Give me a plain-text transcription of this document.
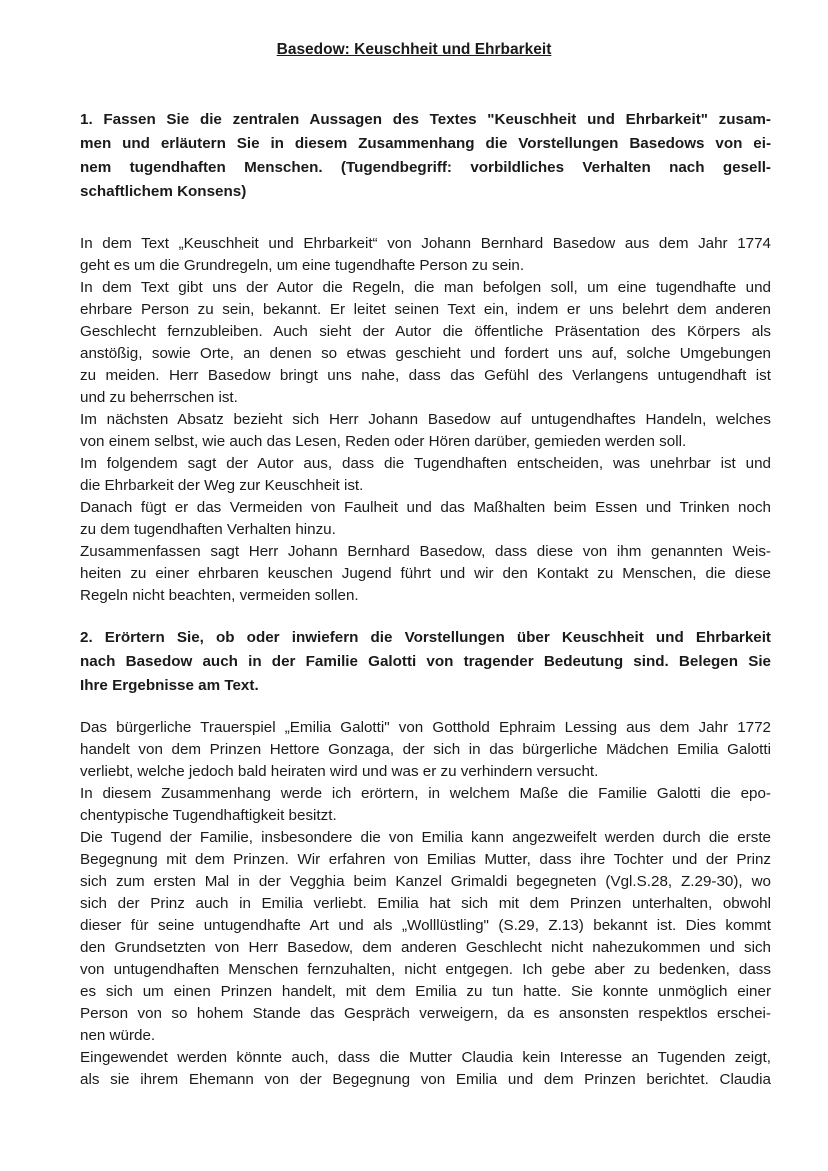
Basedow: Keuschheit und Ehrbarkeit

1. Fassen Sie die zentralen Aussagen des Textes "Keuschheit und Ehrbarkeit" zusam-

men und erläutern Sie in diesem Zusammenhang die Vorstellungen Basedows von ei-

nem tugendhaften Menschen. (Tugendbegriff: vorbildliches Verhalten nach gesell-

schaftlichem Konsens)

In dem Text „Keuschheit und Ehrbarkeit“ von Johann Bernhard Basedow aus dem Jahr 1774

geht es um die Grundregeln, um eine tugendhafte Person zu sein.

In dem Text gibt uns der Autor die Regeln, die man befolgen soll, um eine tugendhafte und

ehrbare Person zu sein, bekannt. Er leitet seinen Text ein, indem er uns belehrt dem anderen

Geschlecht fernzubleiben. Auch sieht der Autor die öffentliche Präsentation des Körpers als

anstößig, sowie Orte, an denen so etwas geschieht und fordert uns auf, solche Umgebungen

zu meiden. Herr Basedow bringt uns nahe, dass das Gefühl des Verlangens untugendhaft ist

und zu beherrschen ist.

Im nächsten Absatz bezieht sich Herr Johann Basedow auf untugendhaftes Handeln, welches

von einem selbst, wie auch das Lesen, Reden oder Hören darüber, gemieden werden soll.

Im folgendem sagt der Autor aus, dass die Tugendhaften entscheiden, was unehrbar ist und

die Ehrbarkeit der Weg zur Keuschheit ist.

Danach fügt er das Vermeiden von Faulheit und das Maßhalten beim Essen und Trinken noch

zu dem tugendhaften Verhalten hinzu.

Zusammenfassen sagt Herr Johann Bernhard Basedow, dass diese von ihm genannten Weis-

heiten zu einer ehrbaren keuschen Jugend führt und wir den Kontakt zu Menschen, die diese

Regeln nicht beachten, vermeiden sollen.

2. Erörtern Sie, ob oder inwiefern die Vorstellungen über Keuschheit und Ehrbarkeit

nach Basedow auch in der Familie Galotti von tragender Bedeutung sind. Belegen Sie

Ihre Ergebnisse am Text.

Das bürgerliche Trauerspiel „Emilia Galotti" von Gotthold Ephraim Lessing aus dem Jahr 1772

handelt von dem Prinzen Hettore Gonzaga, der sich in das bürgerliche Mädchen Emilia Galotti

verliebt, welche jedoch bald heiraten wird und was er zu verhindern versucht.

In diesem Zusammenhang werde ich erörtern, in welchem Maße die Familie Galotti die epo-

chentypische Tugendhaftigkeit besitzt.

Die Tugend der Familie, insbesondere die von Emilia kann angezweifelt werden durch die erste

Begegnung mit dem Prinzen. Wir erfahren von Emilias Mutter, dass ihre Tochter und der Prinz

sich zum ersten Mal in der Vegghia beim Kanzel Grimaldi begegneten (Vgl.S.28, Z.29-30), wo

sich der Prinz auch in Emilia verliebt. Emilia hat sich mit dem Prinzen unterhalten, obwohl

dieser für seine untugendhafte Art und als „Wolllüstling" (S.29, Z.13) bekannt ist. Dies kommt

den Grundsetzten von Herr Basedow, dem anderen Geschlecht nicht nahezukommen und sich

von untugendhaften Menschen fernzuhalten, nicht entgegen. Ich gebe aber zu bedenken, dass

es sich um einen Prinzen handelt, mit dem Emilia zu tun hatte. Sie konnte unmöglich einer

Person von so hohem Stande das Gespräch verweigern, da es ansonsten respektlos erschei-

nen würde.

Eingewendet werden könnte auch, dass die Mutter Claudia kein Interesse an Tugenden zeigt,

als sie ihrem Ehemann von der Begegnung von Emilia und dem Prinzen berichtet. Claudia
